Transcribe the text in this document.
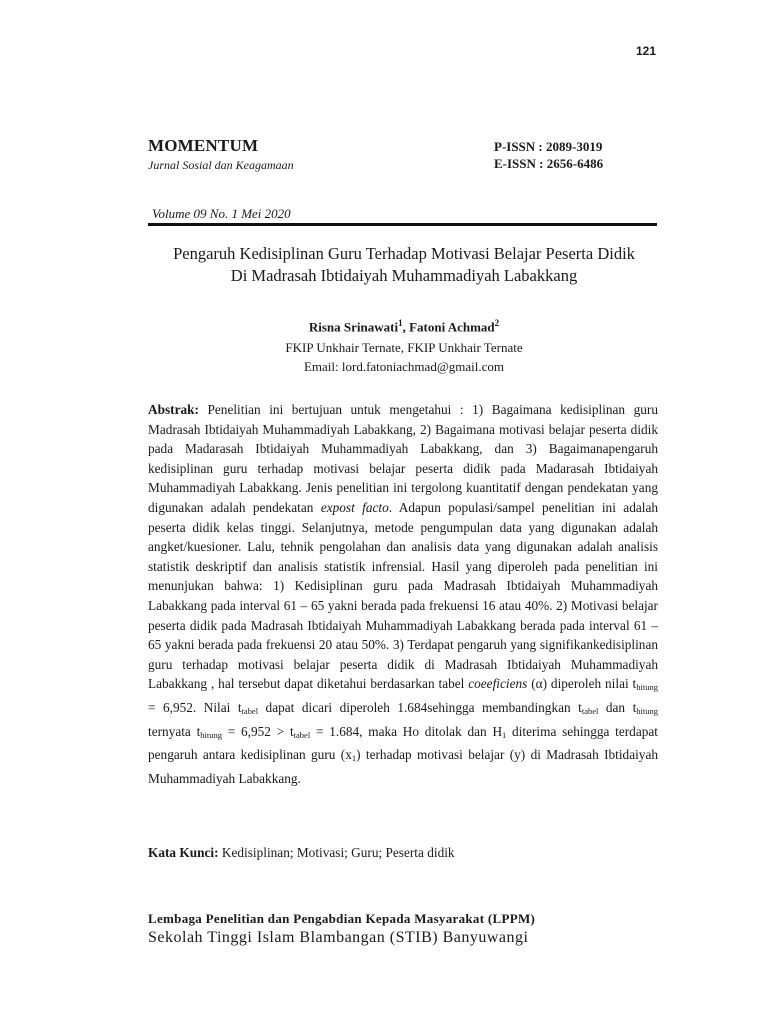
121
MOMENTUM
Jurnal Sosial dan Keagamaan
P-ISSN : 2089-3019
E-ISSN : 2656-6486
Volume 09 No. 1 Mei 2020
Pengaruh Kedisiplinan Guru Terhadap Motivasi Belajar Peserta Didik
Di Madrasah Ibtidaiyah Muhammadiyah Labakkang
Risna Srinawati$^1$, Fatoni Achmad$^2$
FKIP Unkhair Ternate, FKIP Unkhair Ternate
Email: lord.fatoniachmad@gmail.com
Abstrak: Penelitian ini bertujuan untuk mengetahui : 1) Bagaimana kedisiplinan guru Madrasah Ibtidaiyah Muhammadiyah Labakkang, 2) Bagaimana motivasi belajar peserta didik pada Madarasah Ibtidaiyah Muhammadiyah Labakkang, dan 3) Bagaimanapengaruh kedisiplinan guru terhadap motivasi belajar peserta didik pada Madarasah Ibtidaiyah Muhammadiyah Labakkang. Jenis penelitian ini tergolong kuantitatif dengan pendekatan yang digunakan adalah pendekatan expost facto. Adapun populasi/sampel penelitian ini adalah peserta didik kelas tinggi. Selanjutnya, metode pengumpulan data yang digunakan adalah angket/kuesioner. Lalu, tehnik pengolahan dan analisis data yang digunakan adalah analisis statistik deskriptif dan analisis statistik infrensial. Hasil yang diperoleh pada penelitian ini menunjukan bahwa: 1) Kedisiplinan guru pada Madrasah Ibtidaiyah Muhammadiyah Labakkang pada interval 61 – 65 yakni berada pada frekuensi 16 atau 40%. 2) Motivasi belajar peserta didik pada Madrasah Ibtidaiyah Muhammadiyah Labakkang berada pada interval 61 – 65 yakni berada pada frekuensi 20 atau 50%. 3) Terdapat pengaruh yang signifikankedisiplinan guru terhadap motivasi belajar peserta didik di Madrasah Ibtidaiyah Muhammadiyah Labakkang , hal tersebut dapat diketahui berdasarkan tabel coeeficiens (α) diperoleh nilai $t_{hitung} = 6,952$. Nilai $t_{tabel}$ dapat dicari diperoleh 1.684sehingga membandingkan $t_{tabel}$ dan $t_{hitung}$ ternyata $t_{hitung} = 6,952 > t_{tabel} = 1.684$, maka Ho ditolak dan $H_1$ diterima sehingga terdapat pengaruh antara kedisiplinan guru $(x_1)$ terhadap motivasi belajar (y) di Madrasah Ibtidaiyah Muhammadiyah Labakkang.
Kata Kunci: Kedisiplinan; Motivasi; Guru; Peserta didik
Lembaga Penelitian dan Pengabdian Kepada Masyarakat (LPPM)
Sekolah Tinggi Islam Blambangan (STIB) Banyuwangi
